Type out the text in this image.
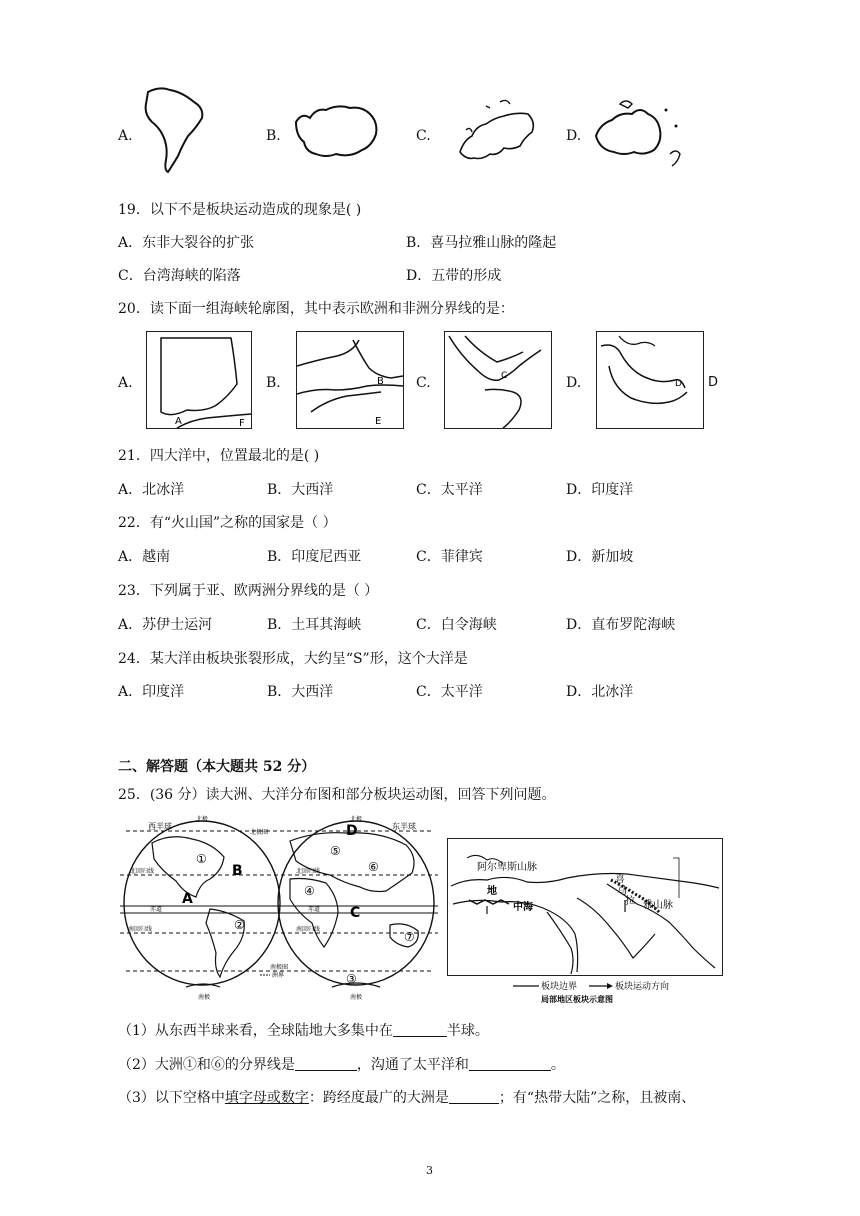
A.	B.	C.	D.
19．以下不是板块运动造成的现象是( )
A．东非大裂谷的扩张	B．喜马拉雅山脉的隆起
C．台湾海峡的陷落	D．五带的形成
20．读下面一组海峡轮廓图，其中表示欧洲和非洲分界线的是：
A.
A	F
B.	B
E
C.	C	D.	D D
21．四大洋中，位置最北的是( )
A．北冰洋	B．大西洋	C．太平洋	D．印度洋
22．有“火山国”之称的国家是（ ）
A．越南	B．印度尼西亚	C．菲律宾	D．新加坡
23．下列属于亚、欧两洲分界线的是（ ）
A．苏伊士运河	B．土耳其海峡	C．白令海峡	D．直布罗陀海峡
24．某大洋由板块张裂形成，大约呈“S”形，这个大洋是
A．印度洋	B．大西洋	C．太平洋	D．北冰洋
二、解答题（本大题共 52 分）
25．(36 分）读大洲、大洋分布图和部分板块运动图，回答下列问题。
西半球	东半球
北极	北极
北极圈
北回归线	北回归线
赤道	赤道
南回归线	南回归线
南极圈
南极	南极
洲界
A
B
C
D
①
②
③
④
⑤
⑥
⑦
阿尔卑斯山脉
地
中海
喜
马
拉 雅山脉
板块边界	板块运动方向
局部地区板块示意图
（1）从东西半球来看，全球陆地大多集中在	半球。
（2）大洲①和⑥的分界线是	，沟通了太平洋和	。
（3）以下空格中填字母或数字：跨经度最广的大洲是	；有“热带大陆”之称，且被南、
3
